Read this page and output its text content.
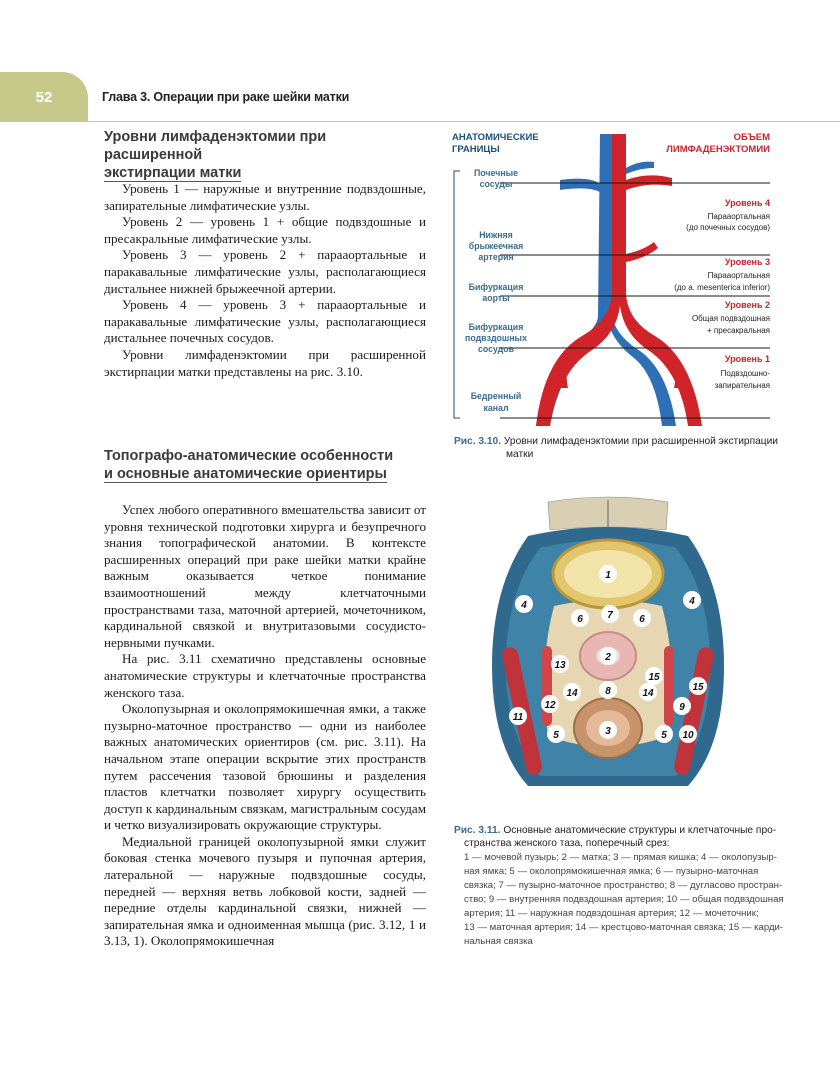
52	Глава 3. Операции при раке шейки матки
Уровни лимфаденэктомии при расширенной
экстирпации матки

Уровень 1 — наружные и внутренние подвздошные, запирательные лимфатические узлы.

Уровень 2 — уровень 1 + общие подвздошные и пресакральные лимфатические узлы.

Уровень 3 — уровень 2 + парааортальные и паракавальные лимфатические узлы, располагающиеся дистальнее нижней брыжеечной артерии.

Уровень 4 — уровень 3 + парааортальные и паракавальные лимфатические узлы, располагающиеся дистальнее почечных сосудов.

Уровни лимфаденэктомии при расширенной экстирпации матки представлены на рис. 3.10.

Топографо-анатомические особенности
и основные анатомические ориентиры

Успех любого оперативного вмешательства зависит от уровня технической подготовки хирурга и безупречного знания топографической анатомии. В контексте расширенных операций при раке шейки матки крайне важным оказывается четкое понимание взаимоотношений между клетчаточными пространствами таза, маточной артерией, мочеточником, кардинальной связкой и внутритазовыми сосудисто-нервными пучками.

На рис. 3.11 схематично представлены основные анатомические структуры и клетчаточные пространства женского таза.

Околопузырная и околопрямокишечная ямки, а также пузырно-маточное пространство — одни из наиболее важных анатомических ориентиров (см. рис. 3.11). На начальном этапе операции вскрытие этих пространств путем рассечения тазовой брюшины и разделения пластов клетчатки позволяет хирургу осуществить доступ к кардинальным связкам, магистральным сосудам и четко визуализировать окружающие структуры.

Медиальной границей околопузырной ямки служит боковая стенка мочевого пузыря и пупочная артерия, латеральной — наружные подвздошные сосуды, передней — верхняя ветвь лобковой кости, задней — передние отделы кардинальной связки, нижней — запирательная ямка и одноименная мышца (рис. 3.12, 1 и 3.13, 1). Околопрямокишечная

АНАТОМИЧЕСКИЕ
ГРАНИЦЫ
ОБЪЕМ
ЛИМФАДЕНЭКТОМИИ
Почечные
сосуды
Нижняя
брыжеечная
артерия
Бифуркация
аорты
Бифуркация
подвздошных
сосудов
Бедренный
канал
Уровень 4
Парааортальная
(до почечных сосудов)
Уровень 3
Парааортальная
(до a. mesenterica inferior)
Уровень 2
Общая подвздошная
+ пресакральная
Уровень 1
Подвздошно-
запирательная
Рис. 3.10. Уровни лимфаденэктомии при расширенной экстирпации
матки
1
2
3
4	4
5	5
6	6
7
8
9
10
11
12
13
14	14
15
15
Рис. 3.11. Основные анатомические структуры и клетчаточные про-
странства женского таза, поперечный срез:
1 — мочевой пузырь; 2 — матка; 3 — прямая кишка; 4 — околопузыр-
ная ямка; 5 — околопрямокишечная ямка; 6 — пузырно-маточная
связка; 7 — пузырно-маточное пространство; 8 — дугласово простран-
ство; 9 — внутренняя подвздошная артерия; 10 — общая подвздошная
артерия; 11 — наружная подвздошная артерия; 12 — мочеточник;
13 — маточная артерия; 14 — крестцово-маточная связка; 15 — карди-
нальная связка
